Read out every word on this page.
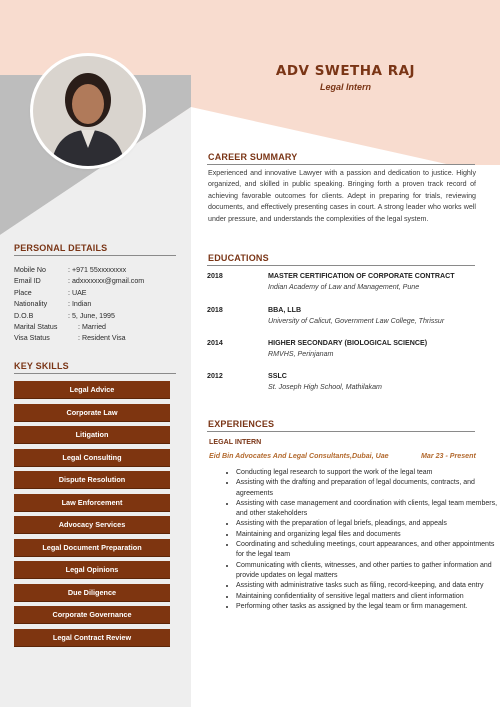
ADV SWETHA RAJ
Legal Intern
CAREER SUMMARY
Experienced and innovative Lawyer with a passion and dedication to justice. Highly organized, and skilled in public speaking. Bringing forth a proven track record of achieving favorable outcomes for clients. Adept in preparing for trials, reviewing documents, and effectively presenting cases in court. A strong leader who works well under pressure, and understands the complexities of the legal system.
EDUCATIONS
2018	MASTER CERTIFICATION OF CORPORATE CONTRACT
Indian Academy of Law and Management, Pune
2018	BBA, LLB
University of Calicut, Government Law College, Thrissur
2014	HIGHER SECONDARY (BIOLOGICAL SCIENCE)
RMVHS, Perinjanam
2012	SSLC
St. Joseph High School, Mathilakam
EXPERIENCES
LEGAL INTERN
Eid Bin Advocates And Legal Consultants,Dubai, Uae	Mar 23 - Present
• Conducting legal research to support the work of the legal team
• Assisting with the drafting and preparation of legal documents, contracts, and agreements
• Assisting with case management and coordination with clients, legal team members, and other stakeholders
• Assisting with the preparation of legal briefs, pleadings, and appeals
• Maintaining and organizing legal files and documents
• Coordinating and scheduling meetings, court appearances, and other appointments for the legal team
• Communicating with clients, witnesses, and other parties to gather information and provide updates on legal matters
• Assisting with administrative tasks such as filing, record-keeping, and data entry
• Maintaining confidentiality of sensitive legal matters and client information
• Performing other tasks as assigned by the legal team or firm management.
PERSONAL DETAILS
Mobile No	: +971 55xxxxxxxx
Email ID	: adxxxxxxx@gmail.com
Place	: UAE
Nationality	: Indian
D.O.B	: 5, June, 1995
Marital Status	: Married
Visa Status	: Resident Visa
KEY SKILLS
Legal Advice
Corporate Law
Litigation
Legal Consulting
Dispute Resolution
Law Enforcement
Advocacy Services
Legal Document Preparation
Legal Opinions
Due Diligence
Corporate Governance
Legal Contract Review
